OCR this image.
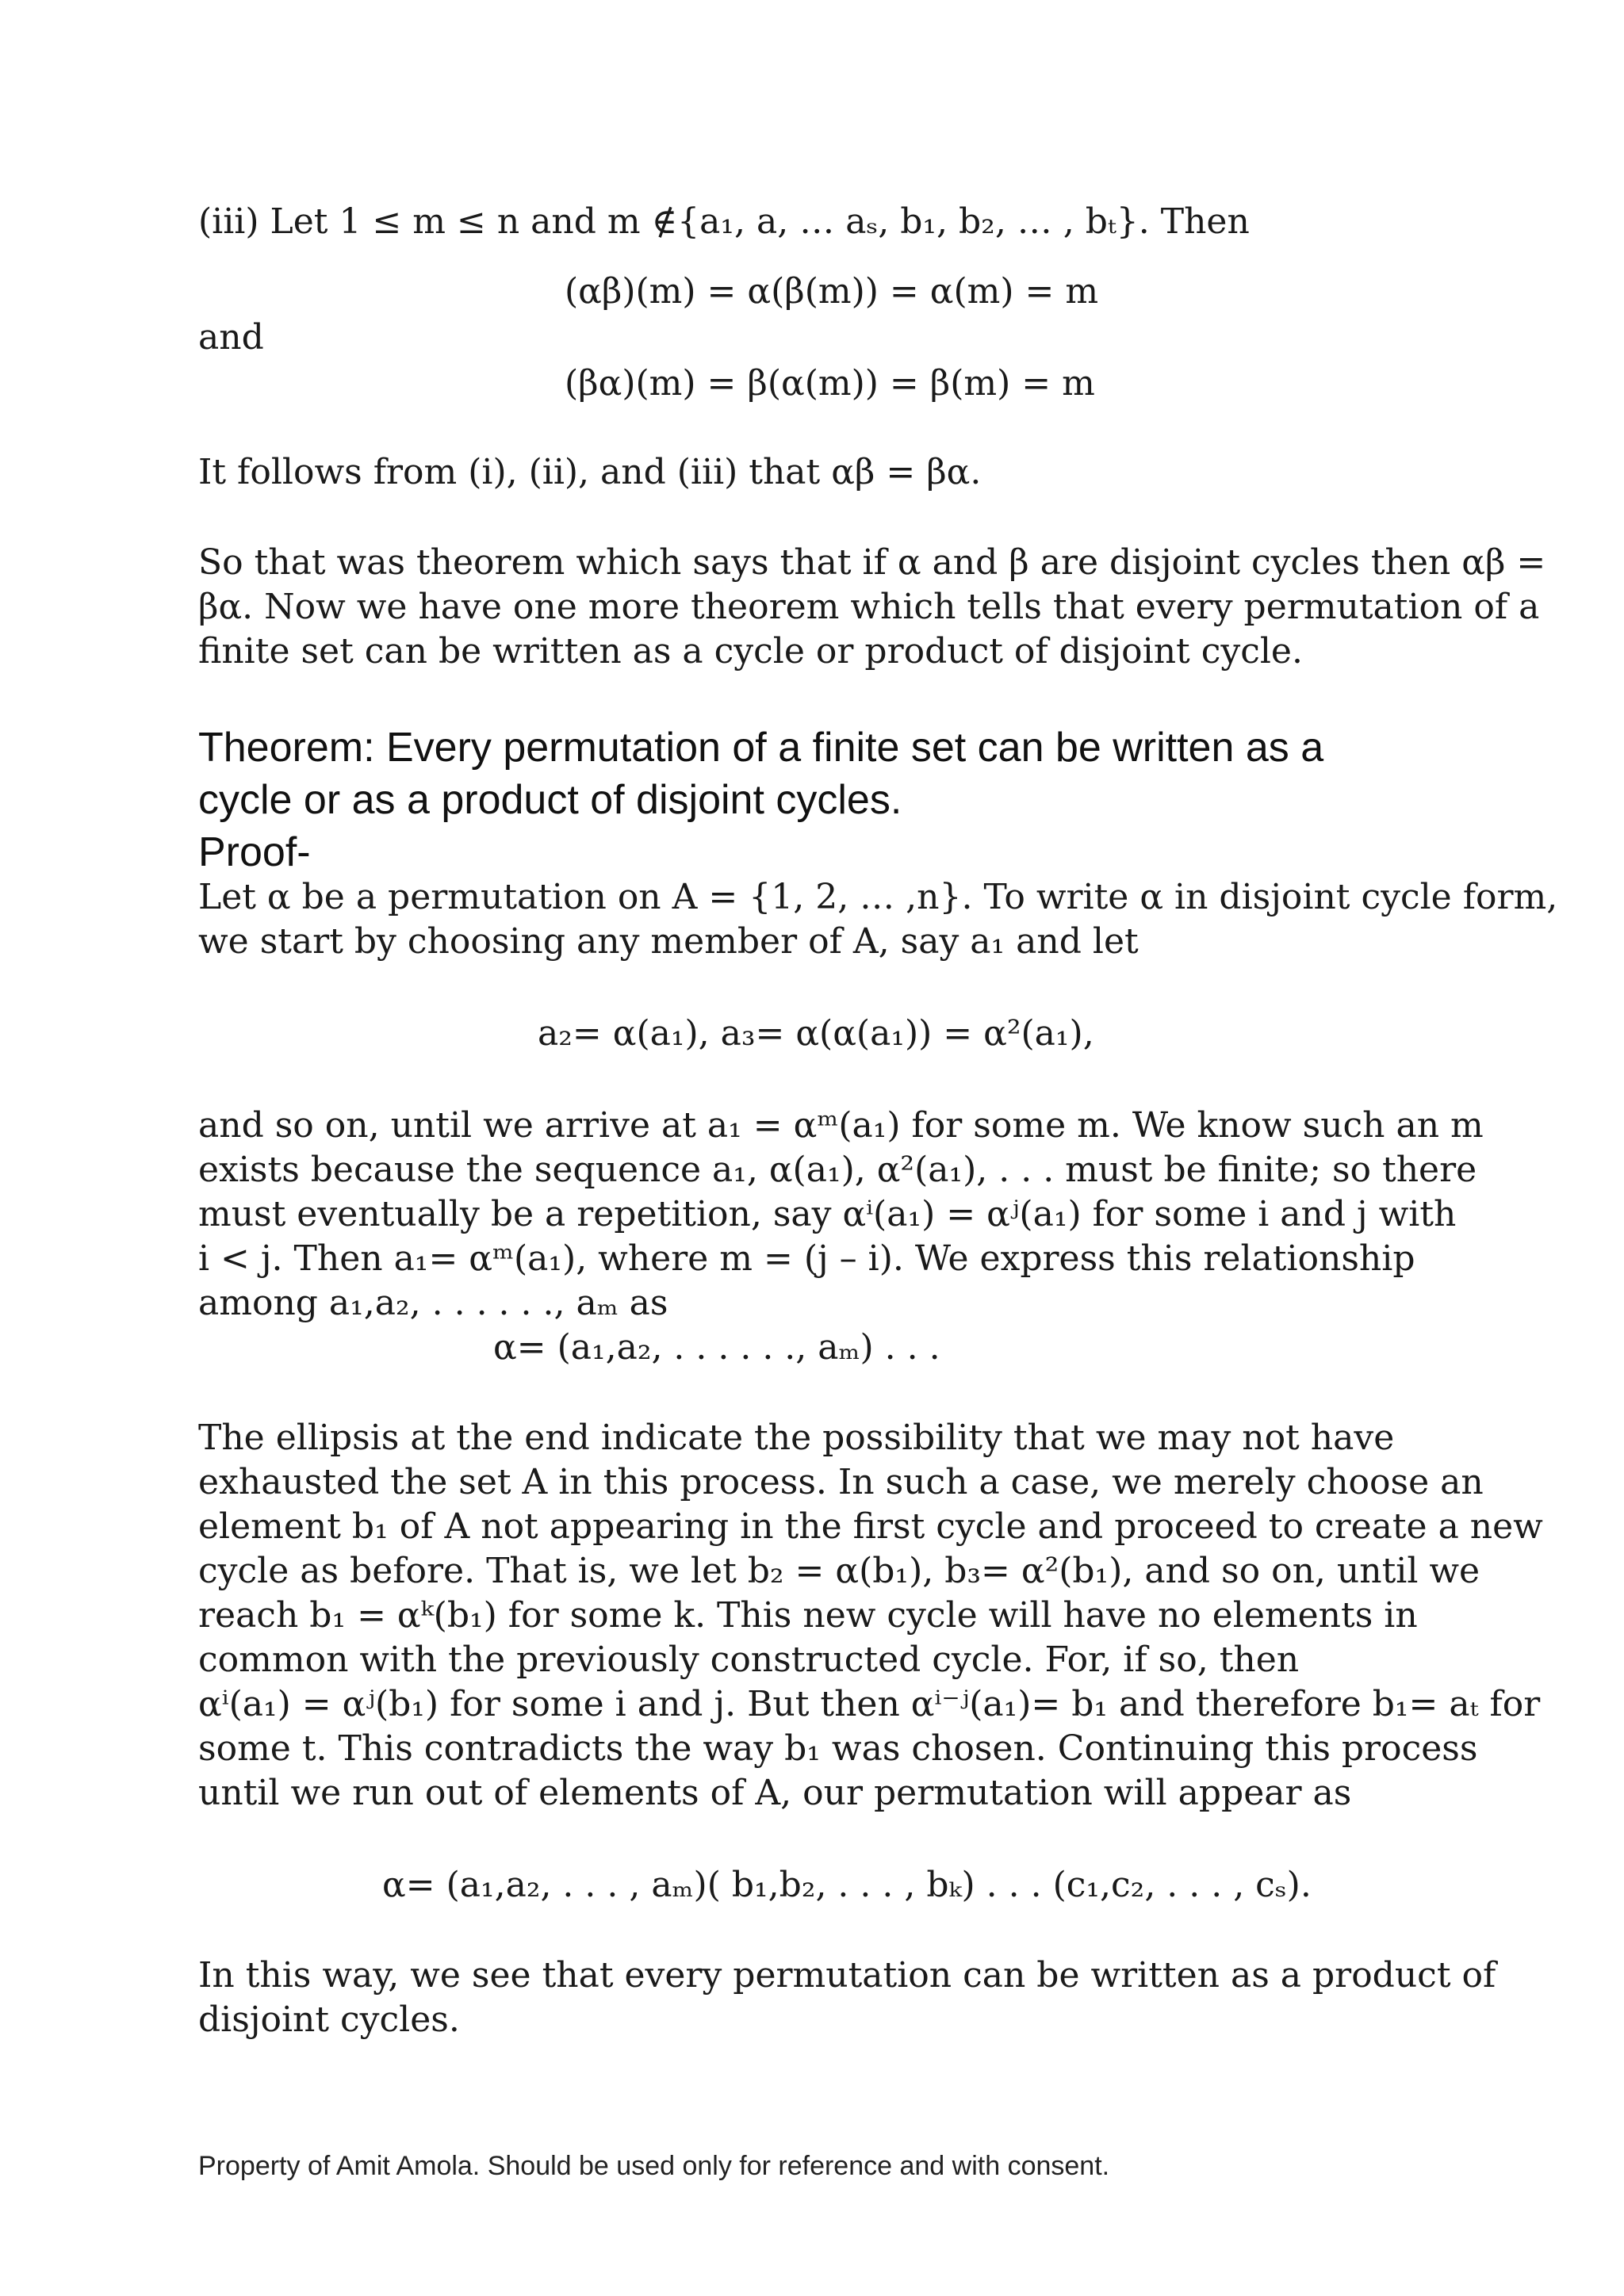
(iii) Let 1 ≤ m ≤ n and m ∉{a₁, a, … aₛ, b₁, b₂, … , bₜ}. Then

(αβ)(m) = α(β(m)) = α(m) = m

and

(βα)(m) = β(α(m)) = β(m) = m

It follows from (i), (ii), and (iii) that αβ = βα.

So that was theorem which says that if α and β are disjoint cycles then αβ =

βα. Now we have one more theorem which tells that every permutation of a

finite set can be written as a cycle or product of disjoint cycle.

Theorem: Every permutation of a finite set can be written as a

cycle or as a product of disjoint cycles.

Proof-

Let α be a permutation on A = {1, 2, … ,n}. To write α in disjoint cycle form,

we start by choosing any member of A, say a₁ and let

a₂= α(a₁), a₃= α(α(a₁)) = α²(a₁),

and so on, until we arrive at a₁ = αᵐ(a₁) for some m. We know such an m

exists because the sequence a₁, α(a₁), α²(a₁), . . . must be finite; so there

must eventually be a repetition, say αⁱ(a₁) = αʲ(a₁) for some i and j with

i < j. Then a₁= αᵐ(a₁), where m = (j – i). We express this relationship

among a₁,a₂, . . . . . ., aₘ as

α= (a₁,a₂, . . . . . ., aₘ) . . .

The ellipsis at the end indicate the possibility that we may not have

exhausted the set A in this process. In such a case, we merely choose an

element b₁ of A not appearing in the first cycle and proceed to create a new

cycle as before. That is, we let b₂ = α(b₁), b₃= α²(b₁), and so on, until we

reach b₁ = αᵏ(b₁) for some k. This new cycle will have no elements in

common with the previously constructed cycle. For, if so, then

αⁱ(a₁) = αʲ(b₁) for some i and j. But then αⁱ⁻ʲ(a₁)= b₁ and therefore b₁= aₜ for

some t. This contradicts the way b₁ was chosen. Continuing this process

until we run out of elements of A, our permutation will appear as

α= (a₁,a₂, . . . , aₘ)( b₁,b₂, . . . , bₖ) . . . (c₁,c₂, . . . , cₛ).

In this way, we see that every permutation can be written as a product of

disjoint cycles.

Property of Amit Amola. Should be used only for reference and with consent.
